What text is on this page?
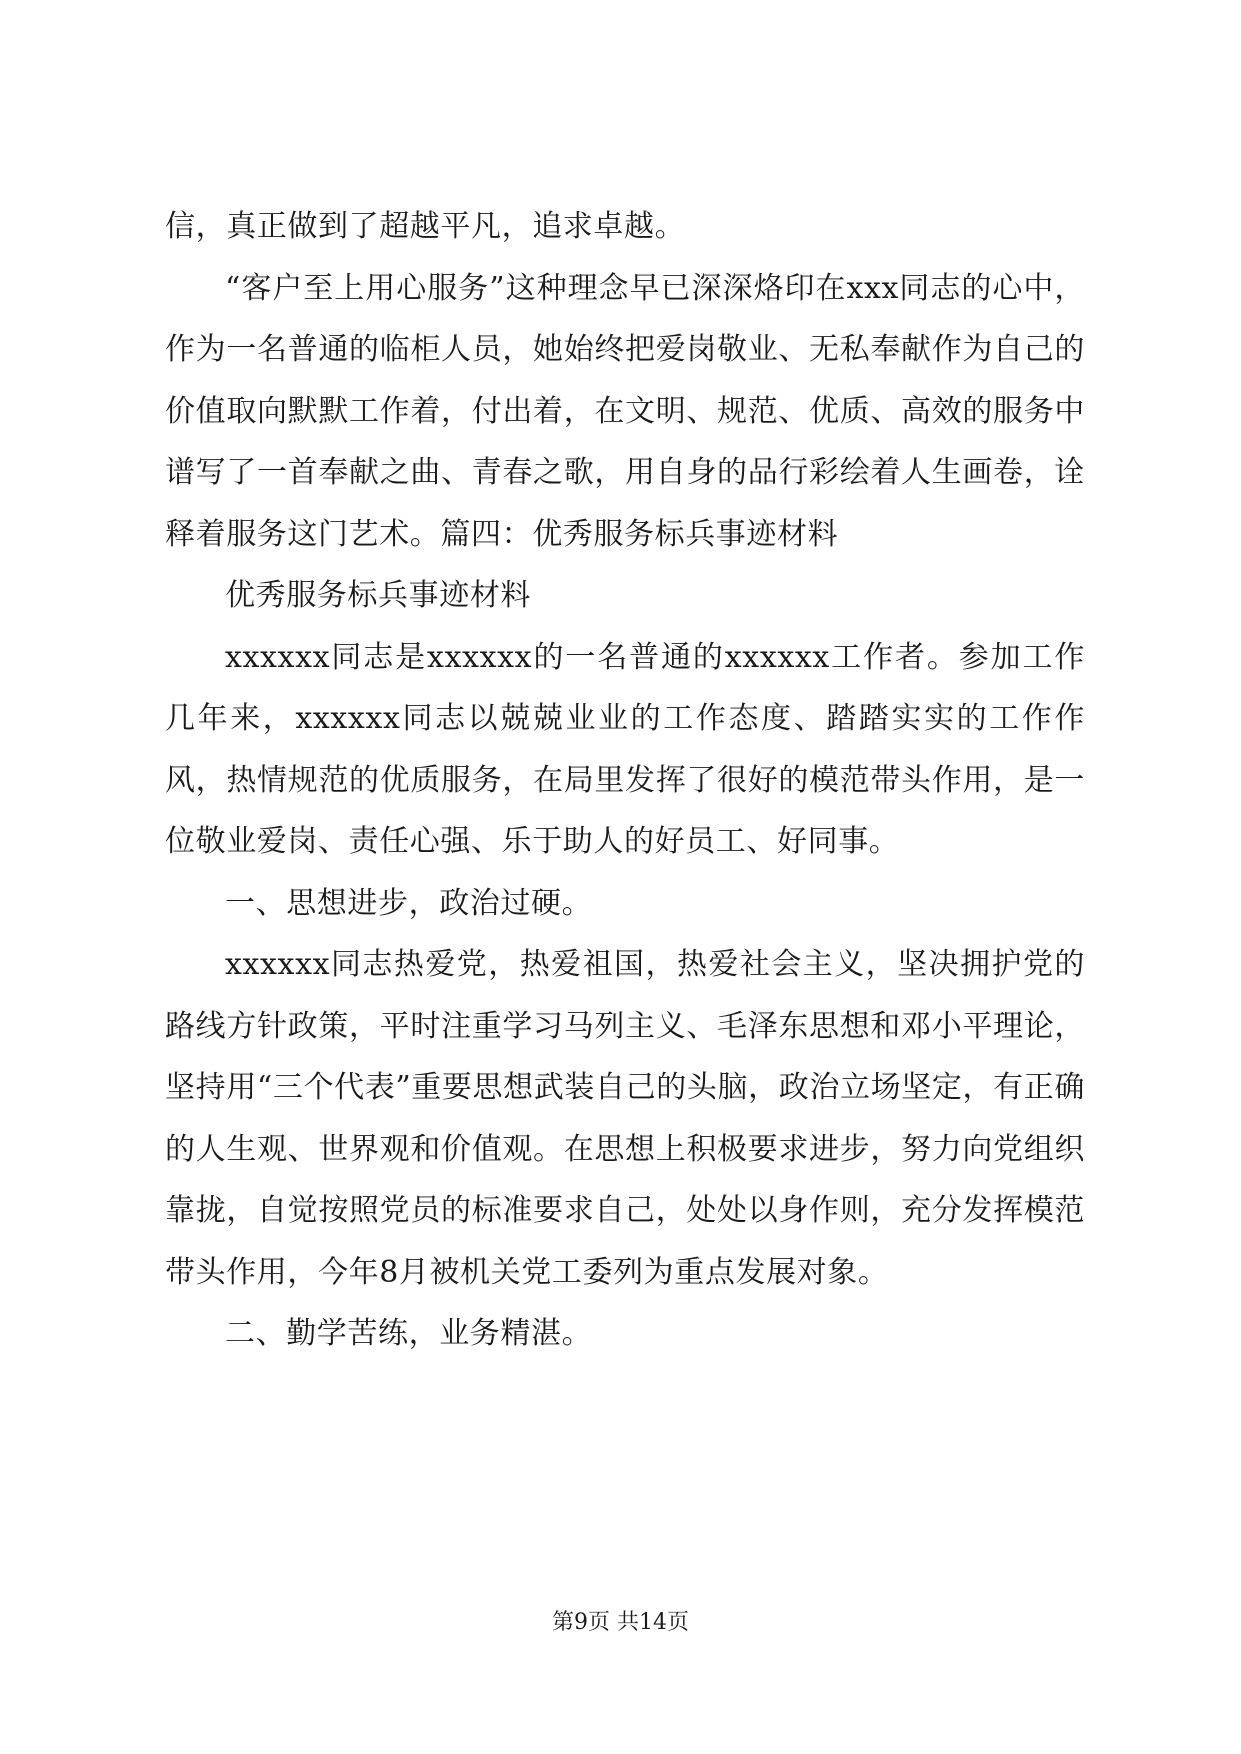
信，真正做到了超越平凡，追求卓越。

“客户至上用心服务”这种理念早已深深烙印在xxx同志的心中，作为一名普通的临柜人员，她始终把爱岗敬业、无私奉献作为自己的价值取向默默工作着，付出着，在文明、规范、优质、高效的服务中谱写了一首奉献之曲、青春之歌，用自身的品行彩绘着人生画卷，诠释着服务这门艺术。篇四：优秀服务标兵事迹材料

优秀服务标兵事迹材料

xxxxxx同志是xxxxxx的一名普通的xxxxxx工作者。参加工作几年来，xxxxxx同志以兢兢业业的工作态度、踏踏实实的工作作风，热情规范的优质服务，在局里发挥了很好的模范带头作用，是一位敬业爱岗、责任心强、乐于助人的好员工、好同事。

一、思想进步，政治过硬。

xxxxxx同志热爱党，热爱祖国，热爱社会主义，坚决拥护党的路线方针政策，平时注重学习马列主义、毛泽东思想和邓小平理论，坚持用“三个代表”重要思想武装自己的头脑，政治立场坚定，有正确的人生观、世界观和价值观。在思想上积极要求进步，努力向党组织靠拢，自觉按照党员的标准要求自己，处处以身作则，充分发挥模范带头作用，今年8月被机关党工委列为重点发展对象。

二、勤学苦练，业务精湛。

第9页 共14页
